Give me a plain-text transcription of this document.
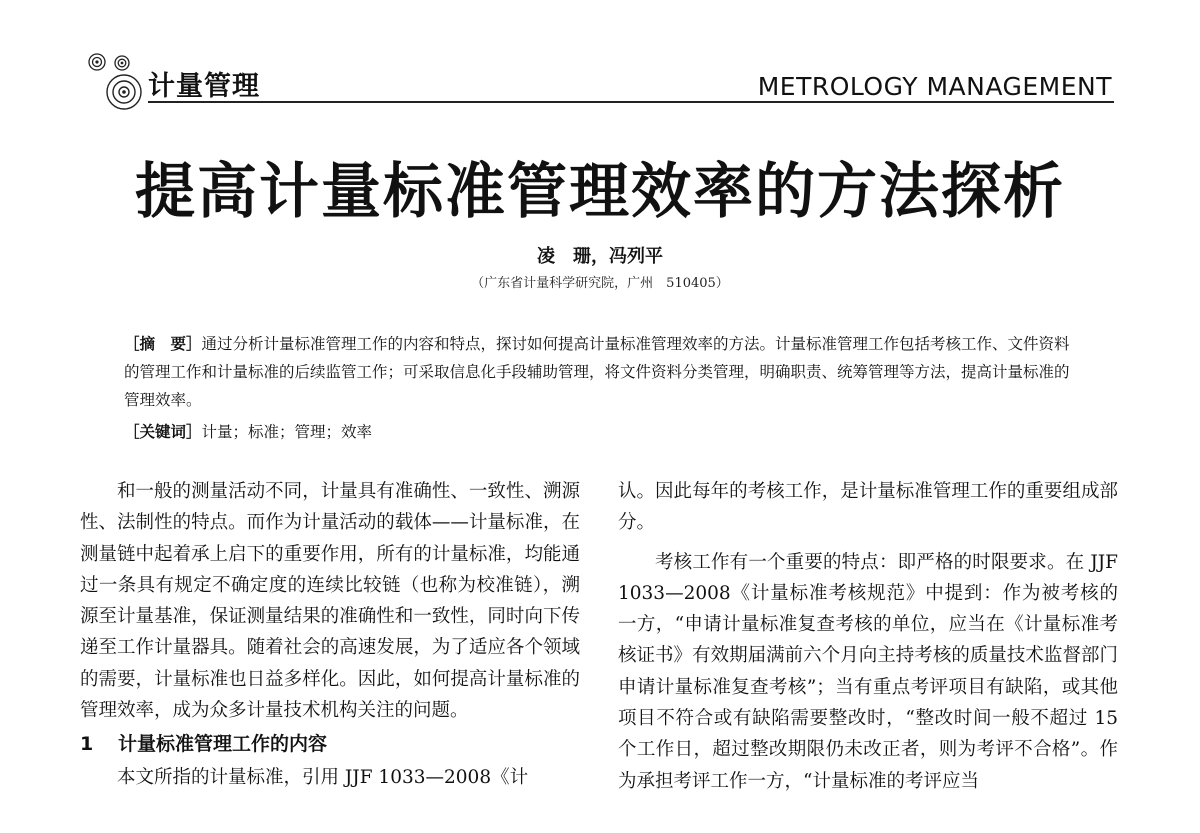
计量管理	METROLOGY MANAGEMENT
提高计量标准管理效率的方法探析
凌　珊，冯列平
（广东省计量科学研究院，广州　510405）
［摘　要］通过分析计量标准管理工作的内容和特点，探讨如何提高计量标准管理效率的方法。计量标准管理工作包括考核工作、文件资料的管理工作和计量标准的后续监管工作；可采取信息化手段辅助管理，将文件资料分类管理，明确职责、统筹管理等方法，提高计量标准的管理效率。
［关键词］计量；标准；管理；效率

和一般的测量活动不同，计量具有准确性、一致性、溯源性、法制性的特点。而作为计量活动的载体——计量标准，在测量链中起着承上启下的重要作用，所有的计量标准，均能通过一条具有规定不确定度的连续比较链（也称为校准链），溯源至计量基准，保证测量结果的准确性和一致性，同时向下传递至工作计量器具。随着社会的高速发展，为了适应各个领域的需要，计量标准也日益多样化。因此，如何提高计量标准的管理效率，成为众多计量技术机构关注的问题。

1 计量标准管理工作的内容

本文所指的计量标准，引用 JJF 1033—2008《计

认。因此每年的考核工作，是计量标准管理工作的重要组成部分。

考核工作有一个重要的特点：即严格的时限要求。在 JJF 1033—2008《计量标准考核规范》中提到：作为被考核的一方，“申请计量标准复查考核的单位，应当在《计量标准考核证书》有效期届满前六个月向主持考核的质量技术监督部门申请计量标准复查考核”；当有重点考评项目有缺陷，或其他项目不符合或有缺陷需要整改时，“整改时间一般不超过 15个工作日，超过整改期限仍未改正者，则为考评不合格”。作为承担考评工作一方，“计量标准的考评应当
